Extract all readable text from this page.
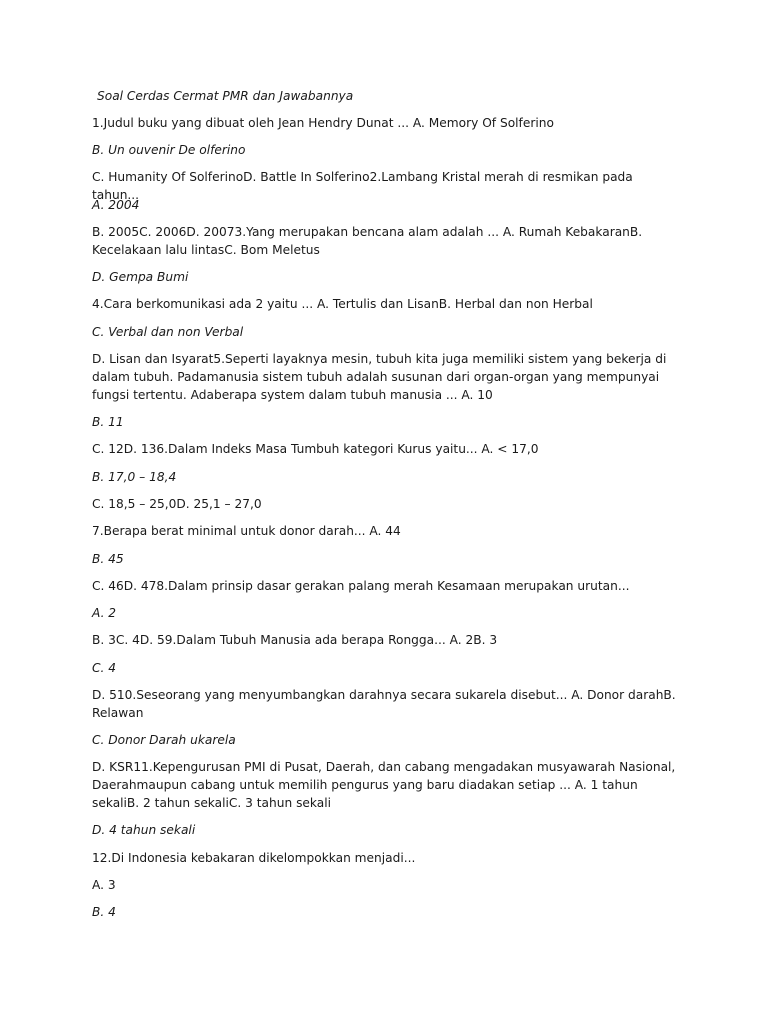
Soal Cerdas Cermat PMR dan Jawabannya

1.Judul buku yang dibuat oleh Jean Hendry Dunat ... A. Memory Of Solferino

B. Un ouvenir De olferino

C. Humanity Of SolferinoD. Battle In Solferino2.Lambang Kristal merah di resmikan pada tahun...

A. 2004

B. 2005C. 2006D. 20073.Yang merupakan bencana alam adalah ... A. Rumah KebakaranB. Kecelakaan lalu lintasC. Bom Meletus

D. Gempa Bumi

4.Cara berkomunikasi ada 2 yaitu ... A. Tertulis dan LisanB. Herbal dan non Herbal

C. Verbal dan non Verbal

D. Lisan dan Isyarat5.Seperti layaknya mesin, tubuh kita juga memiliki sistem yang bekerja di dalam tubuh. Padamanusia sistem tubuh adalah susunan dari organ-organ yang mempunyai fungsi tertentu. Adaberapa system dalam tubuh manusia ... A. 10

B. 11

C. 12D. 136.Dalam Indeks Masa Tumbuh kategori Kurus yaitu... A. < 17,0

B. 17,0 – 18,4

C. 18,5 – 25,0D. 25,1 – 27,0

7.Berapa berat minimal untuk donor darah... A. 44

B. 45

C. 46D. 478.Dalam prinsip dasar gerakan palang merah Kesamaan merupakan urutan...

A. 2

B. 3C. 4D. 59.Dalam Tubuh Manusia ada berapa Rongga... A. 2B. 3

C. 4

D. 510.Seseorang yang menyumbangkan darahnya secara sukarela disebut... A. Donor darahB. Relawan

C. Donor Darah ukarela

D. KSR11.Kepengurusan PMI di Pusat, Daerah, dan cabang mengadakan musyawarah Nasional, Daerahmaupun cabang untuk memilih pengurus yang baru diadakan setiap ... A. 1 tahun sekaliB. 2 tahun sekaliC. 3 tahun sekali

D. 4 tahun sekali

12.Di Indonesia kebakaran dikelompokkan menjadi...

A. 3

B. 4
